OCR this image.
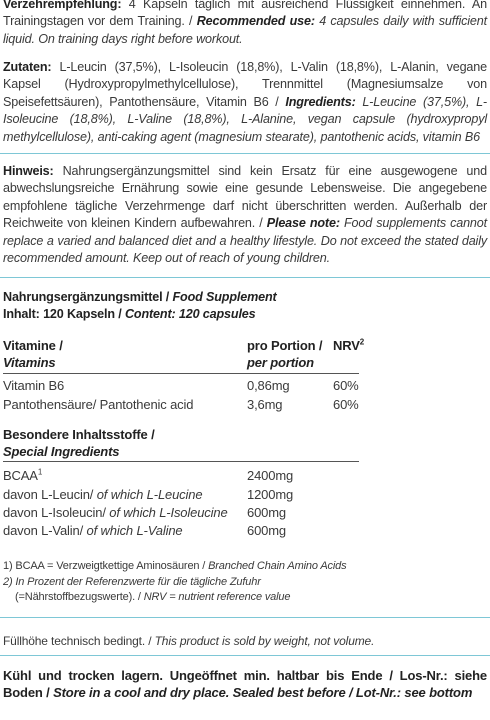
Verzehrempfehlung: 4 Kapseln täglich mit ausreichend Flüssigkeit einnehmen. An Trainingstagen vor dem Training. / Recommended use: 4 capsules daily with sufficient liquid. On training days right before workout.
Zutaten: L-Leucin (37,5%), L-Isoleucin (18,8%), L-Valin (18,8%), L-Alanin, vegane Kapsel (Hydroxypropylmethylcellulose), Trennmittel (Magnesiumsalze von Speisefettsäuren), Pantothensäure, Vitamin B6 / Ingredients: L-Leucine (37,5%), L-Isoleucine (18,8%), L-Valine (18,8%), L-Alanine, vegan capsule (hydroxypropyl methylcellulose), anti-caking agent (magnesium stearate), pantothenic acids, vitamin B6
Hinweis: Nahrungsergänzungsmittel sind kein Ersatz für eine ausgewogene und abwechslungsreiche Ernährung sowie eine gesunde Lebensweise. Die angegebene empfohlene tägliche Verzehrmenge darf nicht überschritten werden. Außerhalb der Reichweite von kleinen Kindern aufbewahren. / Please note: Food supplements cannot replace a varied and balanced diet and a healthy lifestyle. Do not exceed the stated daily recommended amount. Keep out of reach of young children.
Nahrungsergänzungsmittel / Food Supplement
Inhalt: 120 Kapseln / Content: 120 capsules
Vitamine /	pro Portion / NRV$^2$
Vitamins	per portion
Vitamin B6	0,86mg	60%
Pantothensäure/ Pantothenic acid	3,6mg	60%
Besondere Inhaltsstoffe /
Special Ingredients
BCAA$^1$	2400mg
davon L-Leucin/ of which L-Leucine	1200mg
davon L-Isoleucin/ of which L-Isoleucine 600mg
davon L-Valin/ of which L-Valine	600mg
1) BCAA = Verzweigtkettige Aminosäuren / Branched Chain Amino Acids
2) In Prozent der Referenzwerte für die tägliche Zufuhr
(=Nährstoffbezugswerte). / NRV = nutrient reference value
Füllhöhe technisch bedingt. / This product is sold by weight, not volume.
Kühl und trocken lagern. Ungeöffnet min. haltbar bis Ende / Los-Nr.: siehe Boden / Store in a cool and dry place. Sealed best before / Lot-Nr.: see bottom
